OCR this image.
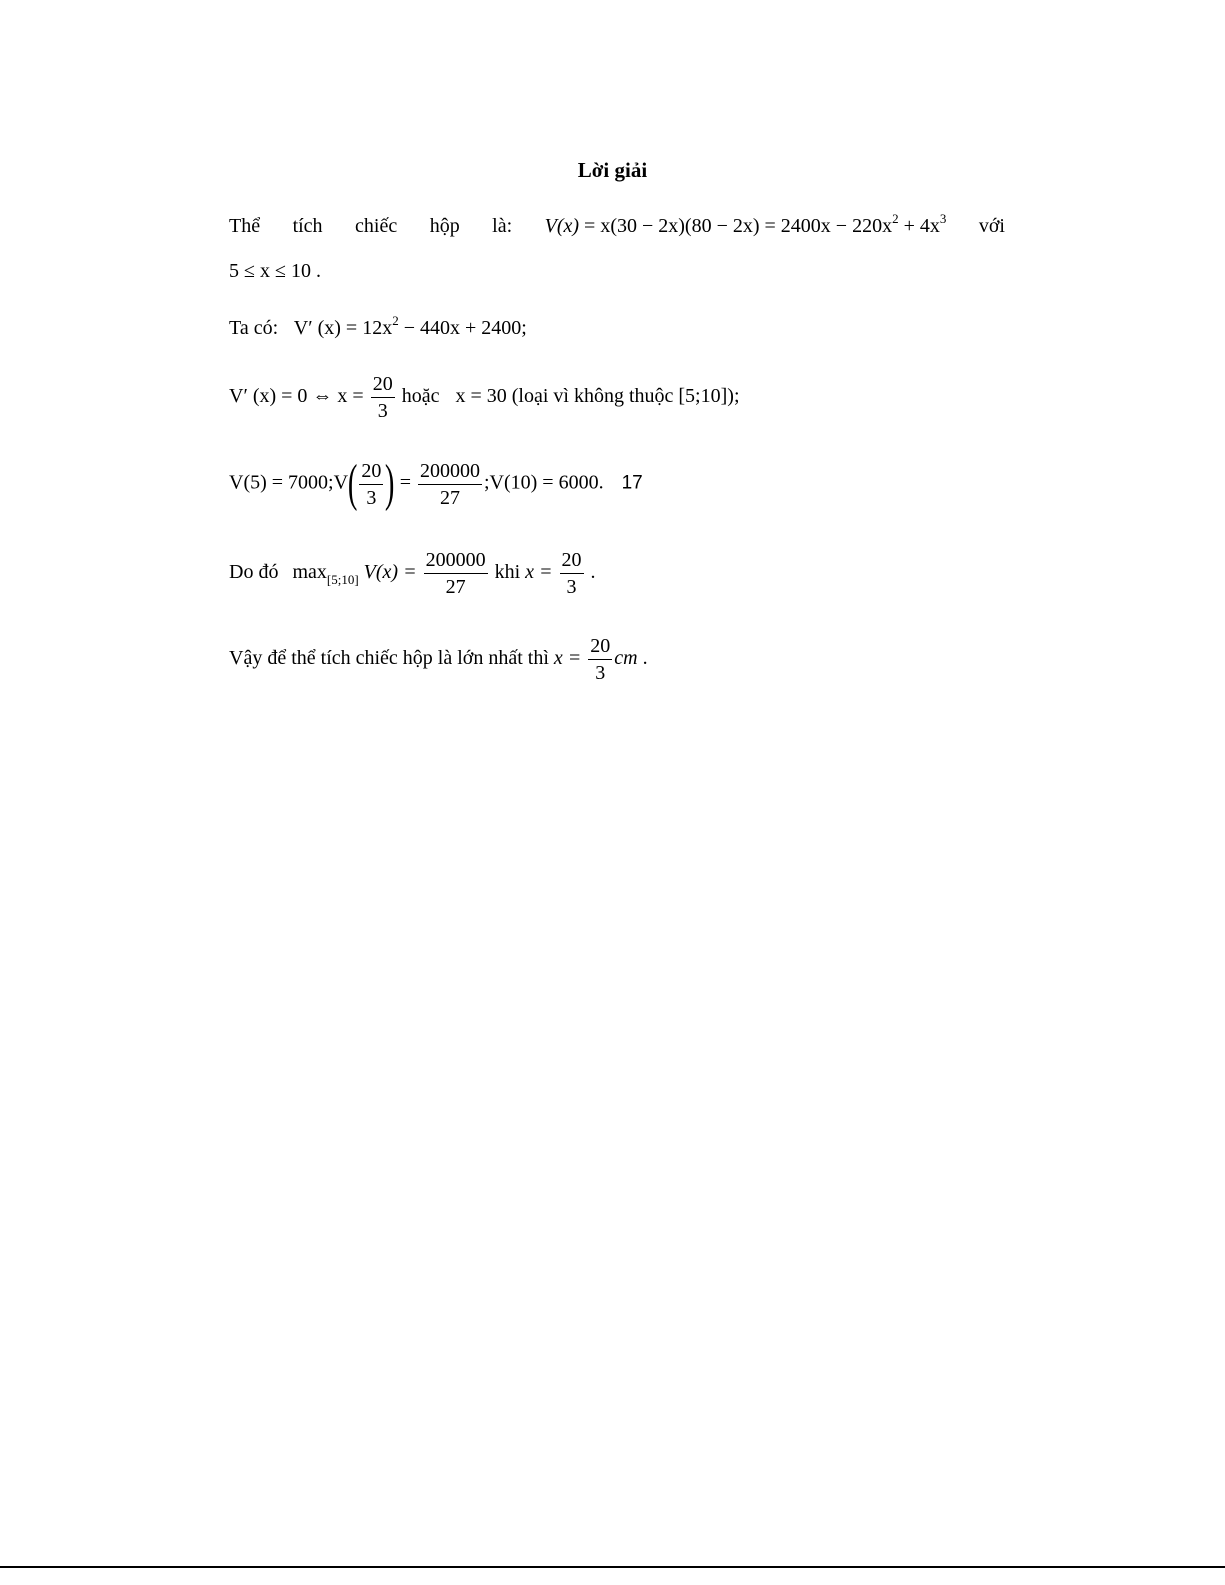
Lời giải
Thể tích chiếc hộp là: $V(x) = x(30 - 2x)(80 - 2x) = 2400x - 220x^2 + 4x^3$ với
5 ≤ x ≤ 10 .
Ta có: V′ $(x) = 12x^2 - 440x + 2400$;
V′ (x) = 0 ⇔ $x = \frac{20}{3}$ hoặc x = 30 (loại vì không thuộc [5;10]);
V(5) = 7000;V( $\frac{20}{3}$ ) = $\frac{200000}{27}$ ;V(10) = 6000. 17
Do đó $\max_{[5;10]} V(x) = \frac{200000}{27}$ khi $x = \frac{20}{3}$ .
Vậy để thể tích chiếc hộp là lớn nhất thì $x = \frac{20}{3}$ cm .
